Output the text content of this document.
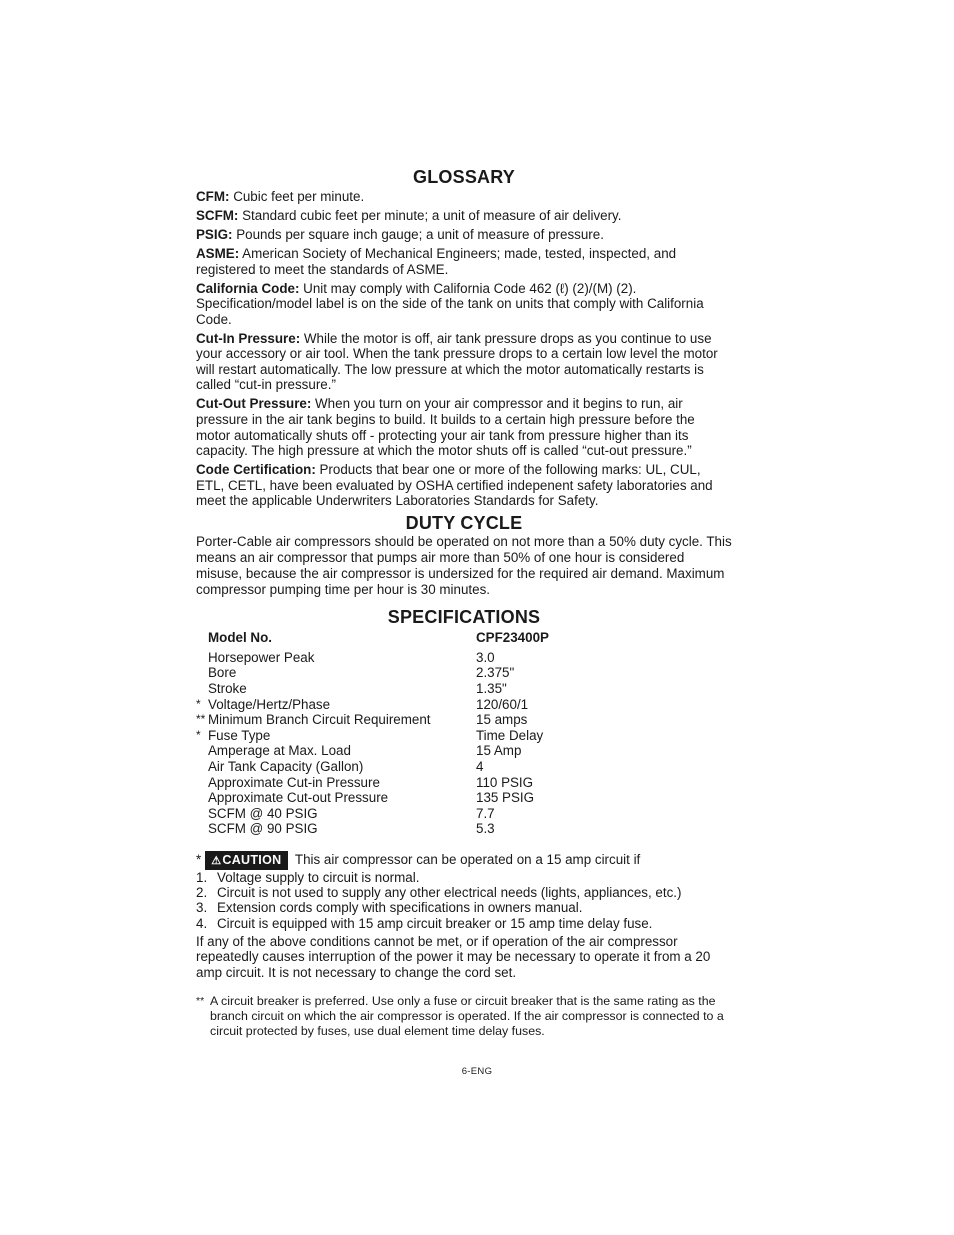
GLOSSARY

CFM: Cubic feet per minute.

SCFM: Standard cubic feet per minute; a unit of measure of air delivery.

PSIG: Pounds per square inch gauge; a unit of measure of pressure.

ASME: American Society of Mechanical Engineers; made, tested, inspected, and registered to meet the standards of ASME.

California Code: Unit may comply with California Code 462 (ℓ) (2)/(M) (2). Specification/model label is on the side of the tank on units that comply with California Code.

Cut-In Pressure: While the motor is off, air tank pressure drops as you continue to use your accessory or air tool. When the tank pressure drops to a certain low level the motor will restart automatically. The low pressure at which the motor automatically restarts is called “cut-in pressure.”

Cut-Out Pressure: When you turn on your air compressor and it begins to run, air pressure in the air tank begins to build. It builds to a certain high pressure before the motor automatically shuts off - protecting your air tank from pressure higher than its capacity. The high pressure at which the motor shuts off is called “cut-out pressure.”

Code Certification: Products that bear one or more of the following marks: UL, CUL, ETL, CETL, have been evaluated by OSHA certified indepenent safety laboratories and meet the applicable Underwriters Laboratories Standards for Safety.

DUTY CYCLE

Porter-Cable air compressors should be operated on not more than a 50% duty cycle. This means an air compressor that pumps air more than 50% of one hour is considered misuse, because the air compressor is undersized for the required air demand. Maximum compressor pumping time per hour is 30 minutes.

SPECIFICATIONS
	Model No.	CPF23400P
	Horsepower Peak	3.0
	Bore	2.375"
	Stroke	1.35"
*	Voltage/Hertz/Phase	120/60/1
**	Minimum Branch Circuit Requirement	15 amps
*	Fuse Type	Time Delay
	Amperage at Max. Load	15 Amp
	Air Tank Capacity (Gallon)	4
	Approximate Cut-in Pressure	110 PSIG
	Approximate Cut-out Pressure	135 PSIG
	SCFM @ 40 PSIG	7.7
	SCFM @ 90 PSIG	5.3
* ⚠CAUTION This air compressor can be operated on a 15 amp circuit if
1. Voltage supply to circuit is normal.
2. Circuit is not used to supply any other electrical needs (lights, appliances, etc.)
3. Extension cords comply with specifications in owners manual.
4. Circuit is equipped with 15 amp circuit breaker or 15 amp time delay fuse.

If any of the above conditions cannot be met, or if operation of the air compressor repeatedly causes interruption of the power it may be necessary to operate it from a 20 amp circuit. It is not necessary to change the cord set.

** A circuit breaker is preferred. Use only a fuse or circuit breaker that is the same rating as the branch circuit on which the air compressor is operated. If the air compressor is connected to a circuit protected by fuses, use dual element time delay fuses.
6-ENG
